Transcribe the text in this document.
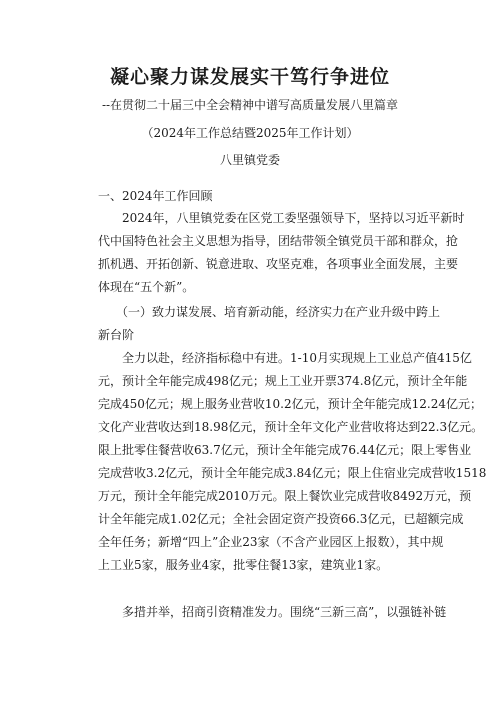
凝心聚力谋发展实干笃行争进位
--在贯彻二十届三中全会精神中谱写高质量发展八里篇章
（2024年工作总结暨2025年工作计划）
八里镇党委
一、2024年工作回顾
　　2024年，八里镇党委在区党工委坚强领导下，坚持以习近平新时
代中国特色社会主义思想为指导，团结带领全镇党员干部和群众，抢
抓机遇、开拓创新、锐意进取、攻坚克难，各项事业全面发展，主要
体现在“五个新”。
　　（一）致力谋发展、培育新动能，经济实力在产业升级中跨上
新台阶
　　全力以赴，经济指标稳中有进。1-10月实现规上工业总产值415亿
元，预计全年能完成498亿元；规上工业开票374.8亿元，预计全年能
完成450亿元；规上服务业营收10.2亿元，预计全年能完成12.24亿元；
文化产业营收达到18.98亿元，预计全年文化产业营收将达到22.3亿元。
限上批零住餐营收63.7亿元，预计全年能完成76.44亿元；限上零售业
完成营收3.2亿元，预计全年能完成3.84亿元；限上住宿业完成营收1518
万元，预计全年能完成2010万元。限上餐饮业完成营收8492万元，预
计全年能完成1.02亿元；全社会固定资产投资66.3亿元，已超额完成
全年任务；新增“四上”企业23家（不含产业园区上报数），其中规
上工业5家，服务业4家，批零住餐13家，建筑业1家。
　　多措并举，招商引资精准发力。围绕“三新三高”，以强链补链
